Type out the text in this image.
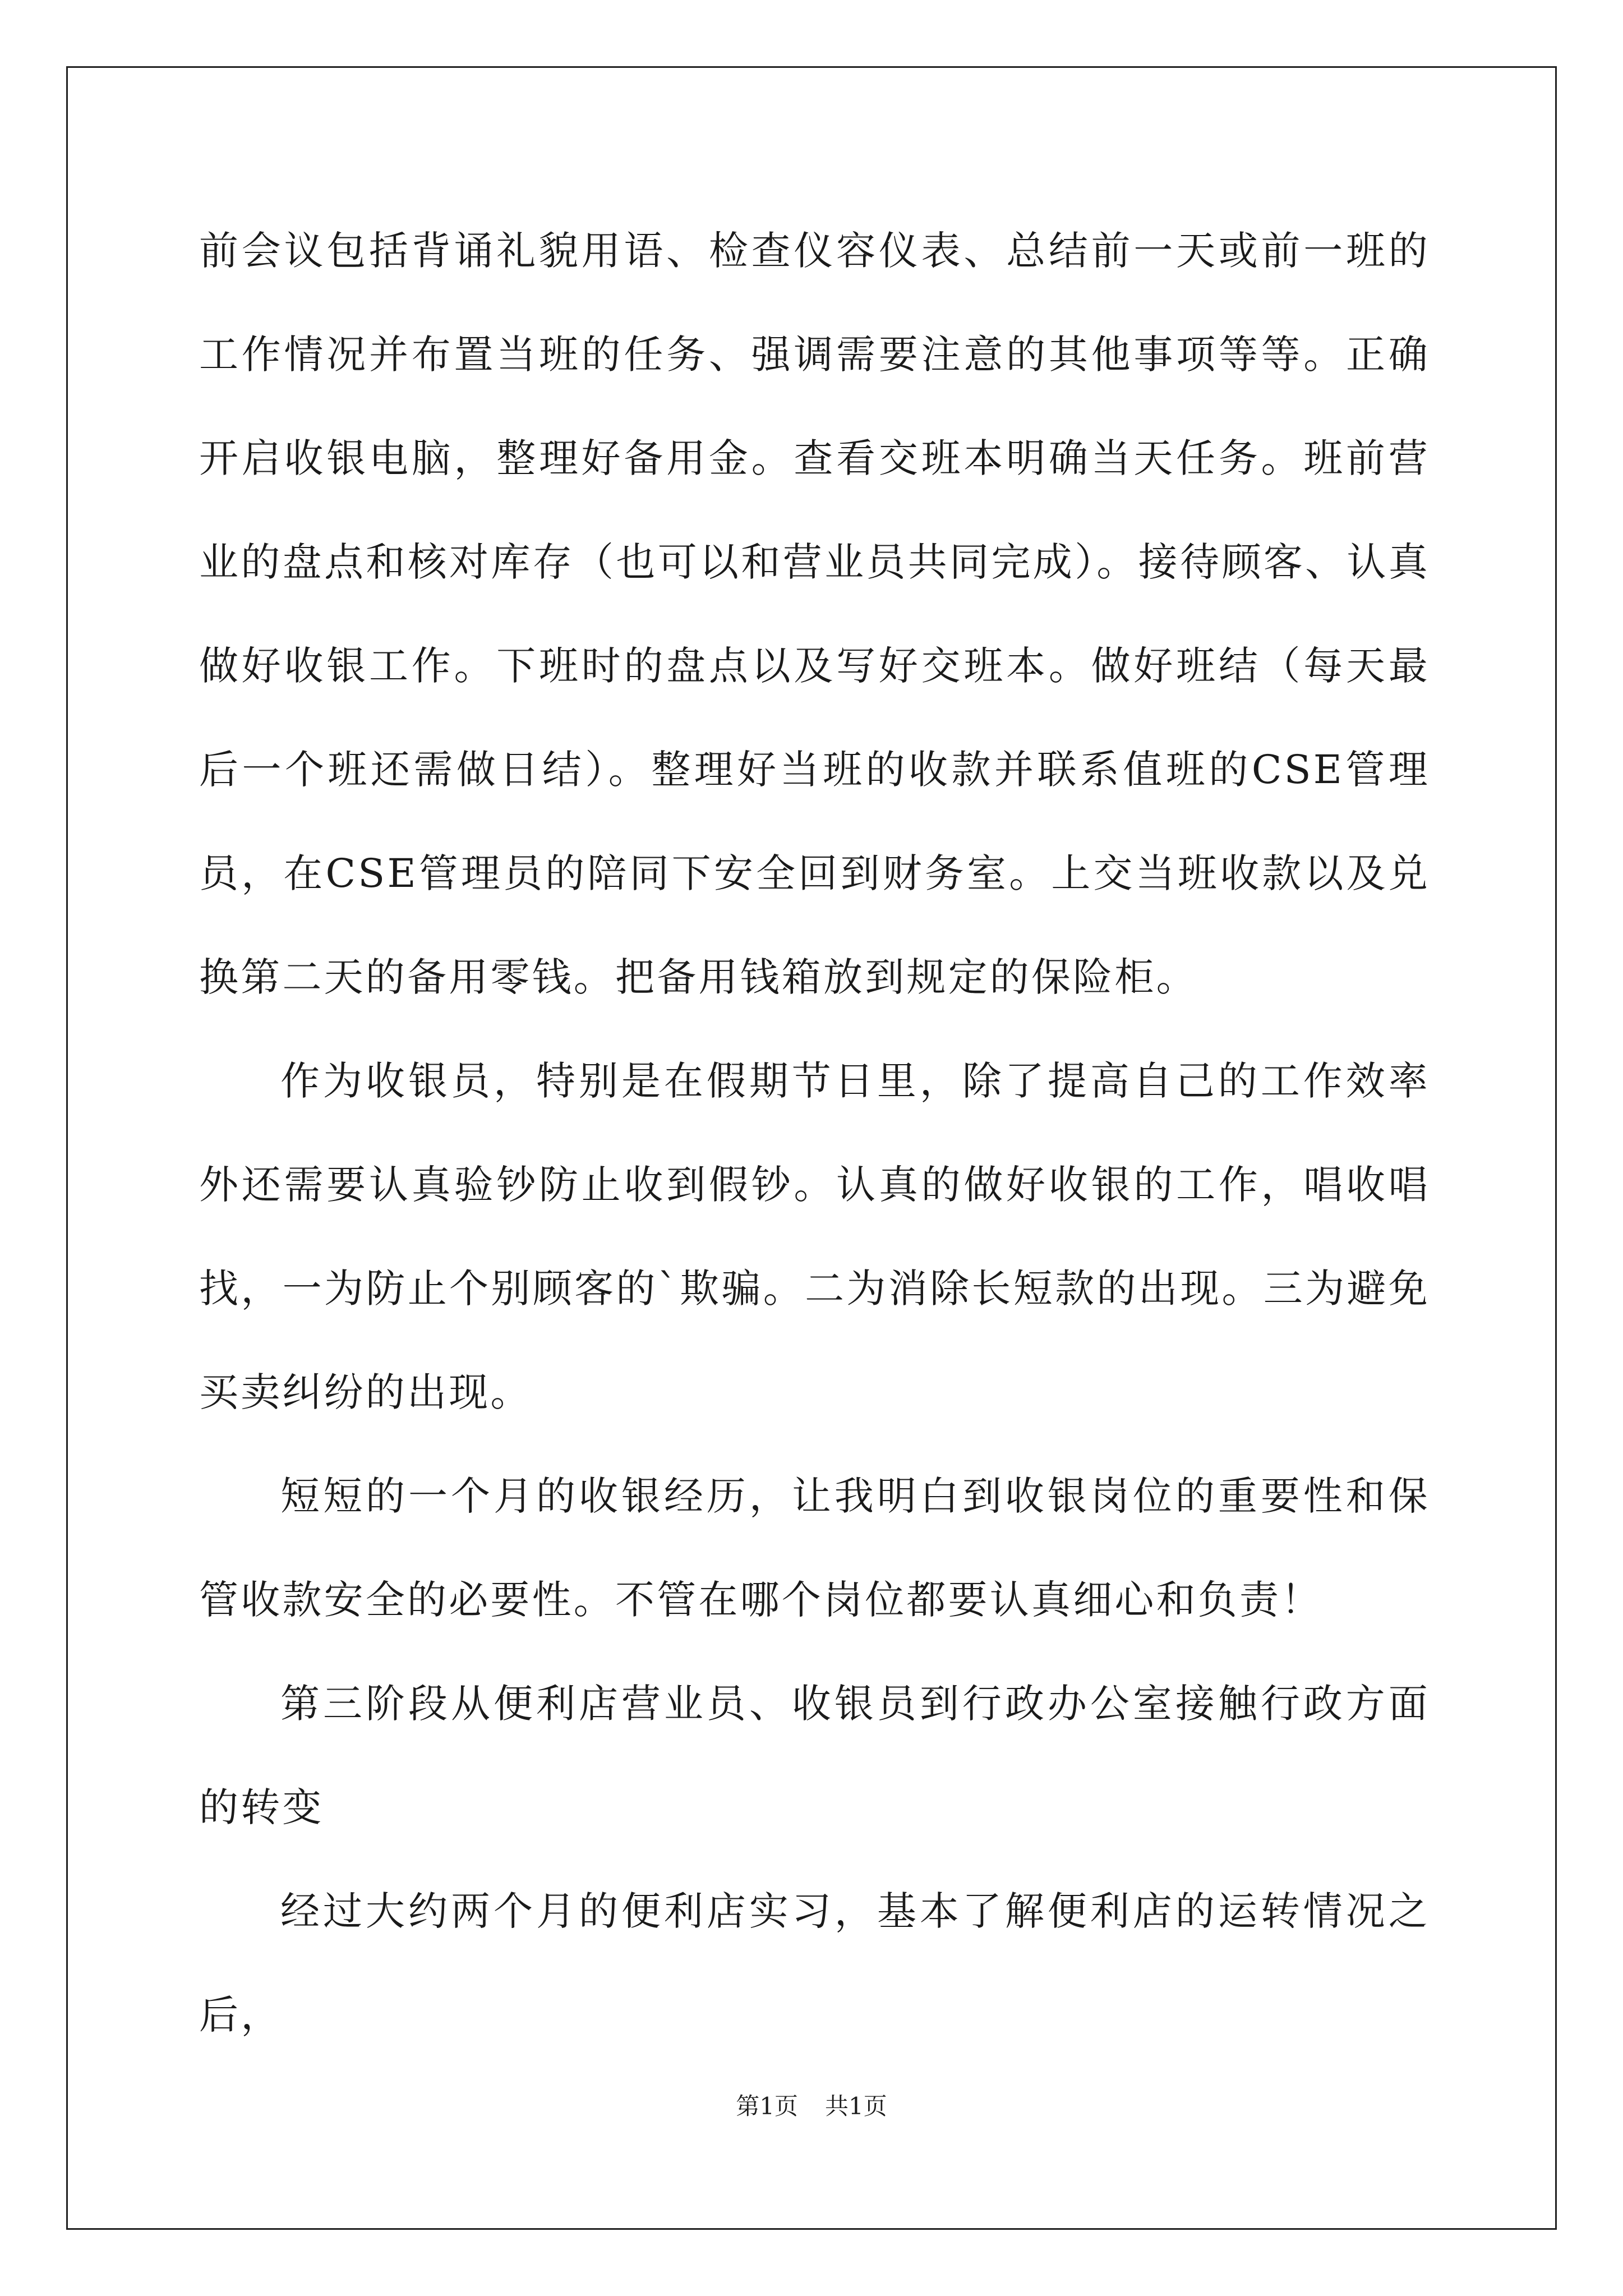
前会议包括背诵礼貌用语、检查仪容仪表、总结前一天或前一班的工作情况并布置当班的任务、强调需要注意的其他事项等等。正确开启收银电脑，整理好备用金。查看交班本明确当天任务。班前营业的盘点和核对库存（也可以和营业员共同完成）。接待顾客、认真做好收银工作。下班时的盘点以及写好交班本。做好班结（每天最后一个班还需做日结）。整理好当班的收款并联系值班的CSE管理员，在CSE管理员的陪同下安全回到财务室。上交当班收款以及兑换第二天的备用零钱。把备用钱箱放到规定的保险柜。

作为收银员，特别是在假期节日里，除了提高自己的工作效率外还需要认真验钞防止收到假钞。认真的做好收银的工作，唱收唱找，一为防止个别顾客的`欺骗。二为消除长短款的出现。三为避免买卖纠纷的出现。

短短的一个月的收银经历，让我明白到收银岗位的重要性和保管收款安全的必要性。不管在哪个岗位都要认真细心和负责！

第三阶段从便利店营业员、收银员到行政办公室接触行政方面的转变

经过大约两个月的便利店实习，基本了解便利店的运转情况之后，

第1页 共1页
